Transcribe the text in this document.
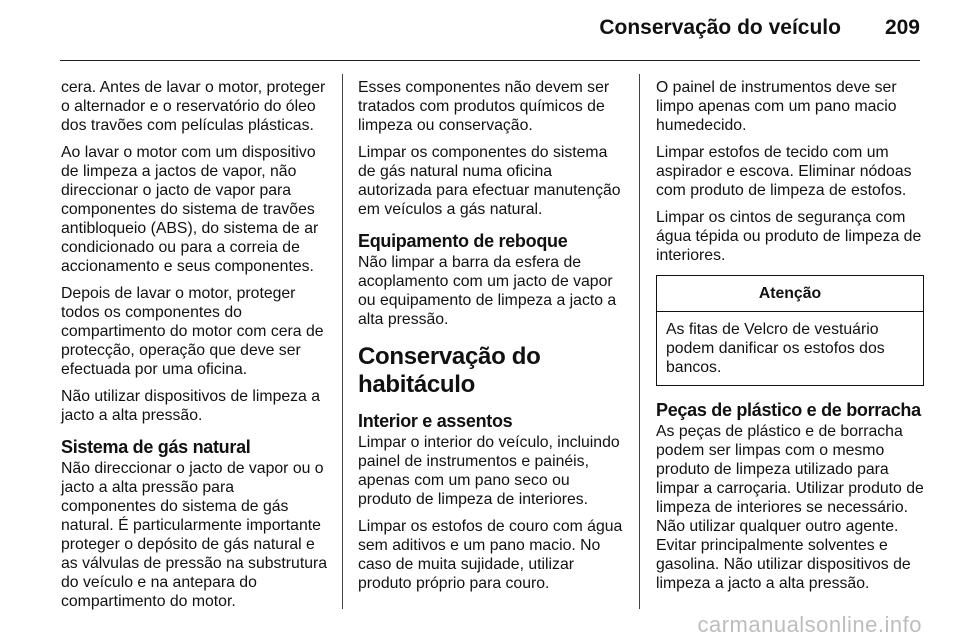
Conservação do veículo 209

cera. Antes de lavar o motor, proteger o alternador e o reservatório do óleo dos travões com películas plásticas.

Ao lavar o motor com um dispositivo de limpeza a jactos de vapor, não direccionar o jacto de vapor para componentes do sistema de travões antibloqueio (ABS), do sistema de ar condicionado ou para a correia de accionamento e seus componentes.

Depois de lavar o motor, proteger todos os componentes do compartimento do motor com cera de protecção, operação que deve ser efectuada por uma oficina.

Não utilizar dispositivos de limpeza a jacto a alta pressão.

Sistema de gás natural

Não direccionar o jacto de vapor ou o jacto a alta pressão para componentes do sistema de gás natural. É particularmente importante proteger o depósito de gás natural e as válvulas de pressão na substrutura do veículo e na antepara do compartimento do motor.

Esses componentes não devem ser tratados com produtos químicos de limpeza ou conservação.

Limpar os componentes do sistema de gás natural numa oficina autorizada para efectuar manutenção em veículos a gás natural.

Equipamento de reboque

Não limpar a barra da esfera de acoplamento com um jacto de vapor ou equipamento de limpeza a jacto a alta pressão.

Conservação do habitáculo
Interior e assentos

Limpar o interior do veículo, incluindo painel de instrumentos e painéis, apenas com um pano seco ou produto de limpeza de interiores.

Limpar os estofos de couro com água sem aditivos e um pano macio. No caso de muita sujidade, utilizar produto próprio para couro.

O painel de instrumentos deve ser limpo apenas com um pano macio humedecido.

Limpar estofos de tecido com um aspirador e escova. Eliminar nódoas com produto de limpeza de estofos.

Limpar os cintos de segurança com água tépida ou produto de limpeza de interiores.

Atenção
As fitas de Velcro de vestuário podem danificar os estofos dos bancos.
Peças de plástico e de borracha

As peças de plástico e de borracha podem ser limpas com o mesmo produto de limpeza utilizado para limpar a carroçaria. Utilizar produto de limpeza de interiores se necessário. Não utilizar qualquer outro agente. Evitar principalmente solventes e gasolina. Não utilizar dispositivos de limpeza a jacto a alta pressão.

carmanualsonline.info
